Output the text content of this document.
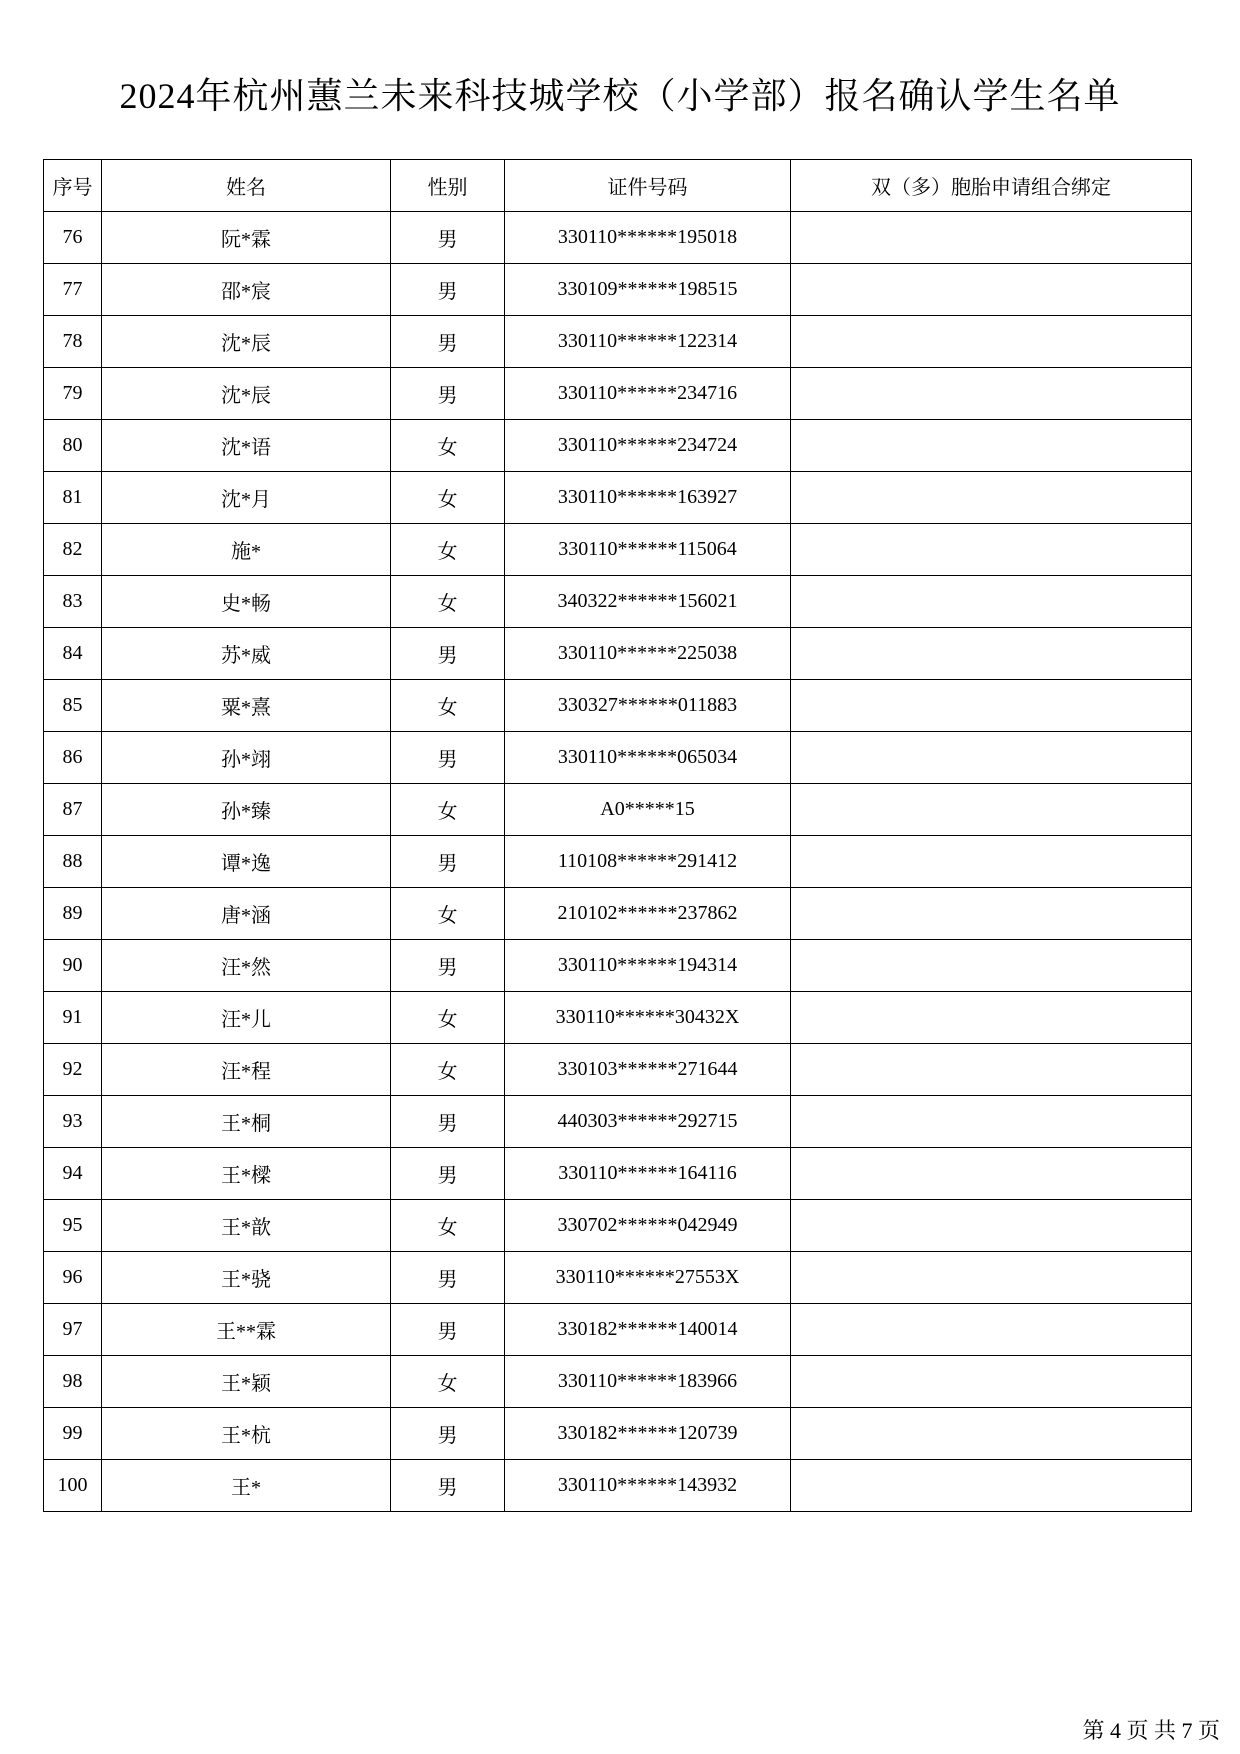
2024年杭州蕙兰未来科技城学校（小学部）报名确认学生名单
序号	姓名	性别	证件号码	双（多）胞胎申请组合绑定
76	阮*霖	男	330110******195018	
77	邵*宸	男	330109******198515	
78	沈*辰	男	330110******122314	
79	沈*辰	男	330110******234716	
80	沈*语	女	330110******234724	
81	沈*月	女	330110******163927	
82	施*	女	330110******115064	
83	史*畅	女	340322******156021	
84	苏*威	男	330110******225038	
85	粟*熹	女	330327******011883	
86	孙*翊	男	330110******065034	
87	孙*臻	女	A0*****15	
88	谭*逸	男	110108******291412	
89	唐*涵	女	210102******237862	
90	汪*然	男	330110******194314	
91	汪*儿	女	330110******30432X	
92	汪*程	女	330103******271644	
93	王*桐	男	440303******292715	
94	王*樑	男	330110******164116	
95	王*歆	女	330702******042949	
96	王*骁	男	330110******27553X	
97	王**霖	男	330182******140014	
98	王*颖	女	330110******183966	
99	王*杭	男	330182******120739	
100	王*	男	330110******143932	
第 4 页 共 7 页
